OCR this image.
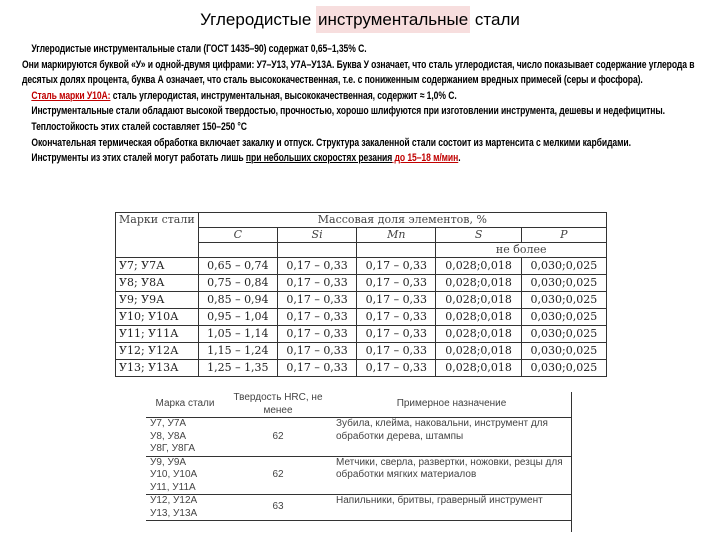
Углеродистые инструментальные стали

Углеродистые инструментальные стали (ГОСТ 1435–90) содержат 0,65–1,35% С.

Они маркируются буквой «У» и одной-двумя цифрами: У7–У13, У7А–У13А. Буква У означает, что сталь углеродистая, число показывает содержание углерода в десятых долях процента, буква А означает, что сталь высококачественная, т.е. с пониженным содержанием вредных примесей (серы и фосфора).

Сталь марки У10А: сталь углеродистая, инструментальная, высококачественная, содержит ≈ 1,0% С.

Инструментальные стали обладают высокой твердостью, прочностью, хорошо шлифуются при изготовлении инструмента, дешевы и недефицитны. Теплостойкость этих сталей составляет 150–250 °С

Окончательная термическая обработка включает закалку и отпуск. Структура закаленной стали состоит из мартенсита с мелкими карбидами.

Инструменты из этих сталей могут работать лишь при небольших скоростях резания до 15–18 м/мин.

Марки стали	Массовая доля элементов, %				
	C	Si	Mn	S	P
				не более	
У7; У7А	0,65 – 0,74	0,17 – 0,33	0,17 – 0,33	0,028;0,018	0,030;0,025
У8; У8А	0,75 – 0,84	0,17 – 0,33	0,17 – 0,33	0,028;0,018	0,030;0,025
У9; У9А	0,85 – 0,94	0,17 – 0,33	0,17 – 0,33	0,028;0,018	0,030;0,025
У10; У10А	0,95 – 1,04	0,17 – 0,33	0,17 – 0,33	0,028;0,018	0,030;0,025
У11; У11А	1,05 – 1,14	0,17 – 0,33	0,17 – 0,33	0,028;0,018	0,030;0,025
У12; У12А	1,15 – 1,24	0,17 – 0,33	0,17 – 0,33	0,028;0,018	0,030;0,025
У13; У13А	1,25 – 1,35	0,17 – 0,33	0,17 – 0,33	0,028;0,018	0,030;0,025
Марка стали	Твердость HRC, не менее	Примерное назначение
У7, У7А
У8, У8А
У8Г, У8ГА	62	Зубила, клейма, наковальни, инструмент для обработки дерева, штампы
У9, У9А
У10, У10А
У11, У11А	62	Метчики, сверла, развертки, ножовки, резцы для обработки мягких материалов
У12, У12А
У13, У13А	63	Напильники, бритвы, граверный инструмент
